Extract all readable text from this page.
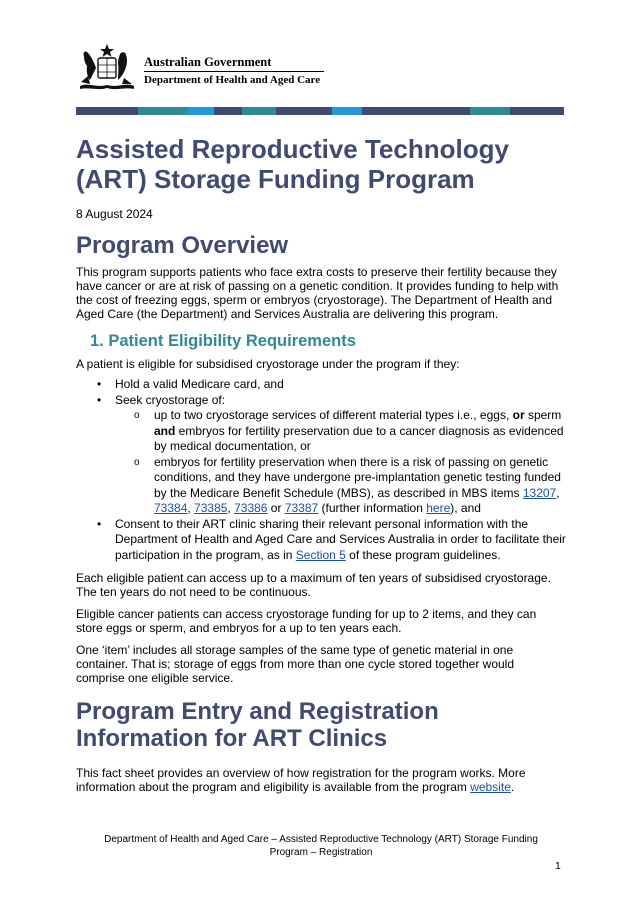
Australian Government
Department of Health and Aged Care
Assisted Reproductive Technology
(ART) Storage Funding Program
8 August 2024
Program Overview

This program supports patients who face extra costs to preserve their fertility because they have cancer or are at risk of passing on a genetic condition. It provides funding to help with the cost of freezing eggs, sperm or embryos (cryostorage). The Department of Health and Aged Care (the Department) and Services Australia are delivering this program.

1. Patient Eligibility Requirements

A patient is eligible for subsidised cryostorage under the program if they:

• Hold a valid Medicare card, and
• Seek cryostorage of:
o up to two cryostorage services of different material types i.e., eggs, or sperm and embryos for fertility preservation due to a cancer diagnosis as evidenced by medical documentation, or
o embryos for fertility preservation when there is a risk of passing on genetic conditions, and they have undergone pre-implantation genetic testing funded by the Medicare Benefit Schedule (MBS), as described in MBS items 13207, 73384, 73385, 73386 or 73387 (further information here), and
• Consent to their ART clinic sharing their relevant personal information with the Department of Health and Aged Care and Services Australia in order to facilitate their participation in the program, as in Section 5 of these program guidelines.

Each eligible patient can access up to a maximum of ten years of subsidised cryostorage. The ten years do not need to be continuous.

Eligible cancer patients can access cryostorage funding for up to 2 items, and they can store eggs or sperm, and embryos for a up to ten years each.

One ‘item’ includes all storage samples of the same type of genetic material in one container. That is; storage of eggs from more than one cycle stored together would comprise one eligible service.

Program Entry and Registration
Information for ART Clinics

This fact sheet provides an overview of how registration for the program works. More information about the program and eligibility is available from the program website.

Department of Health and Aged Care – Assisted Reproductive Technology (ART) Storage Funding
Program – Registration
1
